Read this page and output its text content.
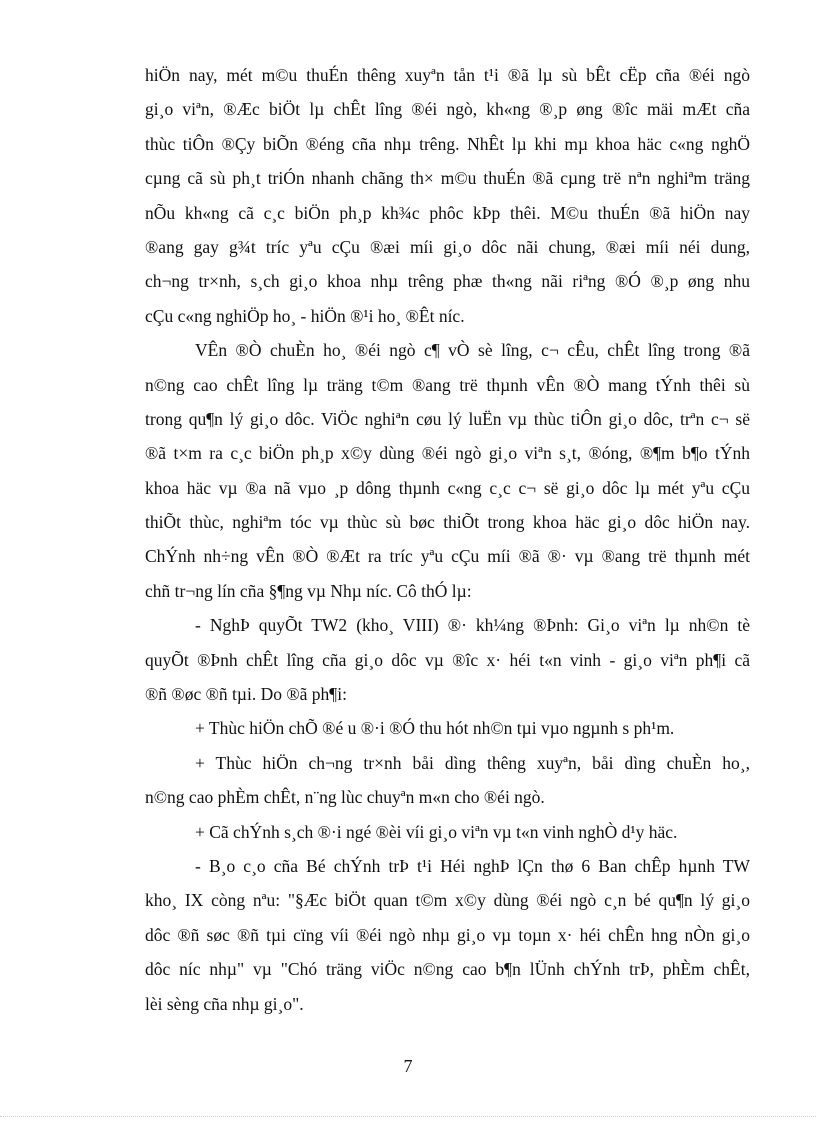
hiÖn nay, mét m©u thuÉn thêng xuyªn tån t¹i ®ã lµ sù bÊt cËp cña ®éi ngò
gi¸o viªn, ®Æc biÖt lµ chÊt lîng ®éi ngò, kh«ng ®¸p øng ®îc mäi mÆt cña
thùc tiÔn ®Çy biÕn ®éng cña nhµ trêng. NhÊt lµ khi mµ khoa häc c«ng nghÖ
cµng cã sù ph¸t triÓn nhanh chãng th× m©u thuÉn ®ã cµng trë nªn nghiªm träng
nÕu kh«ng cã c¸c biÖn ph¸p kh¾c phôc kÞp thêi. M©u thuÉn ®ã hiÖn nay
®ang gay g¾t tríc yªu cÇu ®æi míi gi¸o dôc nãi chung, ®æi míi néi dung,
ch¬ng tr×nh, s¸ch gi¸o khoa nhµ trêng phæ th«ng nãi riªng ®Ó ®¸p øng nhu
cÇu c«ng nghiÖp ho¸ - hiÖn ®¹i ho¸ ®Êt níc.
VÊn ®Ò chuÈn ho¸ ®éi ngò c¶ vÒ sè lîng, c¬ cÊu, chÊt lîng trong ®ã
n©ng cao chÊt lîng lµ träng t©m ®ang trë thµnh vÊn ®Ò mang tÝnh thêi sù
trong qu¶n lý gi¸o dôc. ViÖc nghiªn cøu lý luËn vµ thùc tiÔn gi¸o dôc, trªn c¬ së
®ã t×m ra c¸c biÖn ph¸p x©y dùng ®éi ngò gi¸o viªn s¸t, ®óng, ®¶m b¶o tÝnh
khoa häc vµ ®a nã vµo ¸p dông thµnh c«ng c¸c c¬ së gi¸o dôc lµ mét yªu cÇu
thiÕt thùc, nghiªm tóc vµ thùc sù bøc thiÕt trong khoa häc gi¸o dôc hiÖn nay.
ChÝnh nh÷ng vÊn ®Ò ®Æt ra tríc yªu cÇu míi ®ã ®· vµ ®ang trë thµnh mét
chñ tr¬ng lín cña §¶ng vµ Nhµ níc. Cô thÓ lµ:
- NghÞ quyÕt TW2 (kho¸ VIII) ®· kh¼ng ®Þnh: Gi¸o viªn lµ nh©n tè
quyÕt ®Þnh chÊt lîng cña gi¸o dôc vµ ®îc x· héi t«n vinh - gi¸o viªn ph¶i cã
®ñ ®øc ®ñ tµi. Do ®ã ph¶i:
+ Thùc hiÖn chÕ ®é u ®·i ®Ó thu hót nh©n tµi vµo ngµnh s ph¹m.
+ Thùc hiÖn ch¬ng tr×nh båi dìng thêng xuyªn, båi dìng chuÈn ho¸,
n©ng cao phÈm chÊt, n¨ng lùc chuyªn m«n cho ®éi ngò.
+ Cã chÝnh s¸ch ®·i ngé ®èi víi gi¸o viªn vµ t«n vinh nghÒ d¹y häc.
- B¸o c¸o cña Bé chÝnh trÞ t¹i Héi nghÞ lÇn thø 6 Ban chÊp hµnh TW
kho¸ IX còng nªu: "§Æc biÖt quan t©m x©y dùng ®éi ngò c¸n bé qu¶n lý gi¸o
dôc ®ñ søc ®ñ tµi cïng víi ®éi ngò nhµ gi¸o vµ toµn x· héi chÊn hng nÒn gi¸o
dôc níc nhµ" vµ "Chó träng viÖc n©ng cao b¶n lÜnh chÝnh trÞ, phÈm chÊt,
lèi sèng cña nhµ gi¸o".
7
